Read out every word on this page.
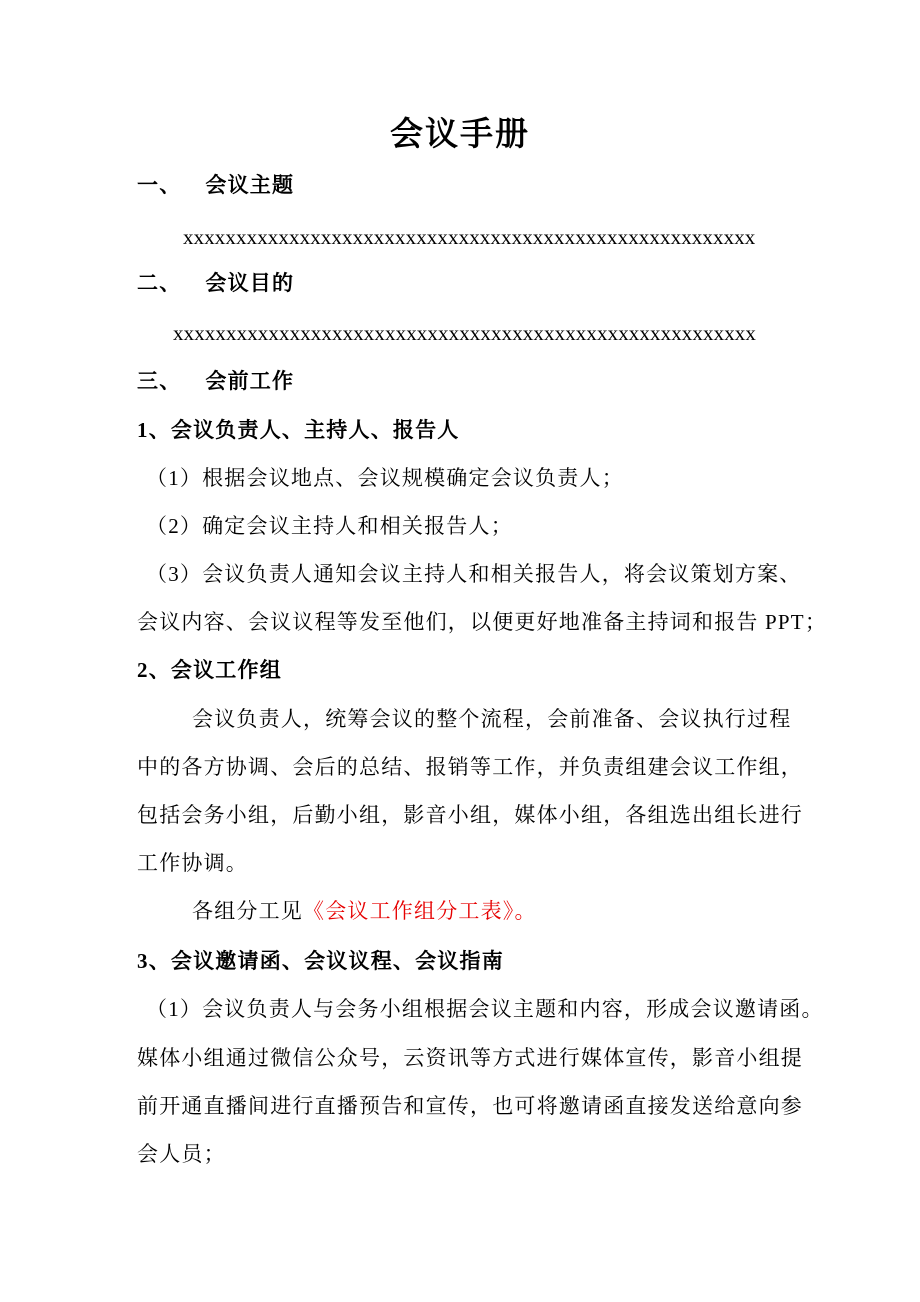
会议手册
一、 会议主题
xxxxxxxxxxxxxxxxxxxxxxxxxxxxxxxxxxxxxxxxxxxxxxxxxxxxxx
二、 会议目的
xxxxxxxxxxxxxxxxxxxxxxxxxxxxxxxxxxxxxxxxxxxxxxxxxxxxxxx
三、 会前工作
1、会议负责人、主持人、报告人
（1）根据会议地点、会议规模确定会议负责人；
（2）确定会议主持人和相关报告人；
（3）会议负责人通知会议主持人和相关报告人，将会议策划方案、
会议内容、会议议程等发至他们，以便更好地准备主持词和报告 PPT；
2、会议工作组
会议负责人，统筹会议的整个流程，会前准备、会议执行过程
中的各方协调、会后的总结、报销等工作，并负责组建会议工作组，
包括会务小组，后勤小组，影音小组，媒体小组，各组选出组长进行
工作协调。
各组分工见《会议工作组分工表》。
3、会议邀请函、会议议程、会议指南
（1）会议负责人与会务小组根据会议主题和内容，形成会议邀请函。
媒体小组通过微信公众号，云资讯等方式进行媒体宣传，影音小组提
前开通直播间进行直播预告和宣传，也可将邀请函直接发送给意向参
会人员；
